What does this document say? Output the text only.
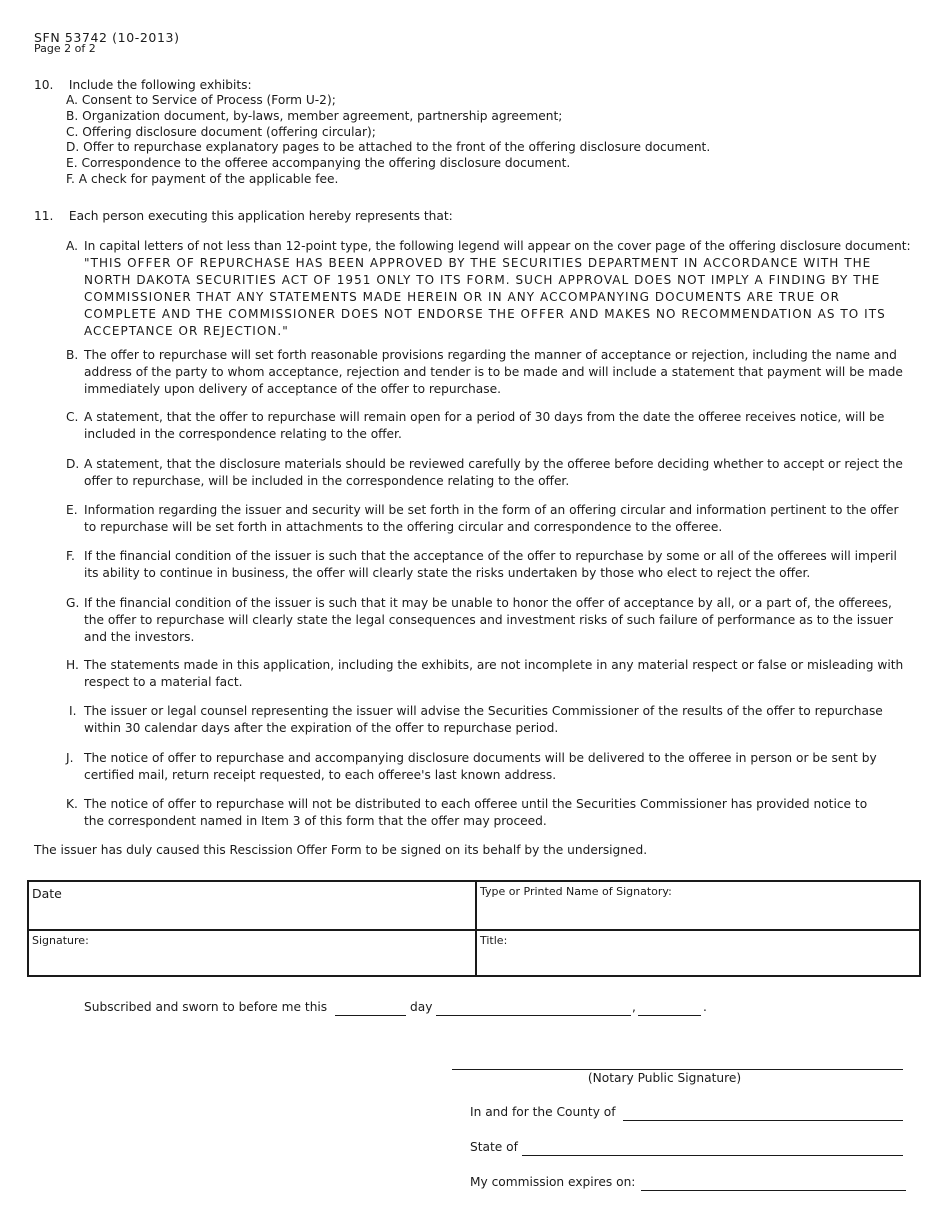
SFN 53742 (10-2013)
Page 2 of 2
10. Include the following exhibits:
A. Consent to Service of Process (Form U-2);
B. Organization document, by-laws, member agreement, partnership agreement;
C. Offering disclosure document (offering circular);
D. Offer to repurchase explanatory pages to be attached to the front of the offering disclosure document.
E. Correspondence to the offeree accompanying the offering disclosure document.
F. A check for payment of the applicable fee.
11. Each person executing this application hereby represents that:
A. In capital letters of not less than 12-point type, the following legend will appear on the cover page of the offering disclosure document:
"THIS OFFER OF REPURCHASE HAS BEEN APPROVED BY THE SECURITIES DEPARTMENT IN ACCORDANCE WITH THE
NORTH DAKOTA SECURITIES ACT OF 1951 ONLY TO ITS FORM. SUCH APPROVAL DOES NOT IMPLY A FINDING BY THE
COMMISSIONER THAT ANY STATEMENTS MADE HEREIN OR IN ANY ACCOMPANYING DOCUMENTS ARE TRUE OR
COMPLETE AND THE COMMISSIONER DOES NOT ENDORSE THE OFFER AND MAKES NO RECOMMENDATION AS TO ITS
ACCEPTANCE OR REJECTION."
B. The offer to repurchase will set forth reasonable provisions regarding the manner of acceptance or rejection, including the name and
address of the party to whom acceptance, rejection and tender is to be made and will include a statement that payment will be made
immediately upon delivery of acceptance of the offer to repurchase.
C. A statement, that the offer to repurchase will remain open for a period of 30 days from the date the offeree receives notice, will be
included in the correspondence relating to the offer.
D. A statement, that the disclosure materials should be reviewed carefully by the offeree before deciding whether to accept or reject the
offer to repurchase, will be included in the correspondence relating to the offer.
E. Information regarding the issuer and security will be set forth in the form of an offering circular and information pertinent to the offer
to repurchase will be set forth in attachments to the offering circular and correspondence to the offeree.
F. If the financial condition of the issuer is such that the acceptance of the offer to repurchase by some or all of the offerees will imperil
its ability to continue in business, the offer will clearly state the risks undertaken by those who elect to reject the offer.
G. If the financial condition of the issuer is such that it may be unable to honor the offer of acceptance by all, or a part of, the offerees,
the offer to repurchase will clearly state the legal consequences and investment risks of such failure of performance as to the issuer
and the investors.
H. The statements made in this application, including the exhibits, are not incomplete in any material respect or false or misleading with
respect to a material fact.
I. The issuer or legal counsel representing the issuer will advise the Securities Commissioner of the results of the offer to repurchase
within 30 calendar days after the expiration of the offer to repurchase period.
J. The notice of offer to repurchase and accompanying disclosure documents will be delivered to the offeree in person or be sent by
certified mail, return receipt requested, to each offeree's last known address.
K. The notice of offer to repurchase will not be distributed to each offeree until the Securities Commissioner has provided notice to
the correspondent named in Item 3 of this form that the offer may proceed.
The issuer has duly caused this Rescission Offer Form to be signed on its behalf by the undersigned.
Date	Type or Printed Name of Signatory:
Signature:	Title:
Subscribed and sworn to before me this	day	,	.
(Notary Public Signature)
In and for the County of
State of
My commission expires on:
